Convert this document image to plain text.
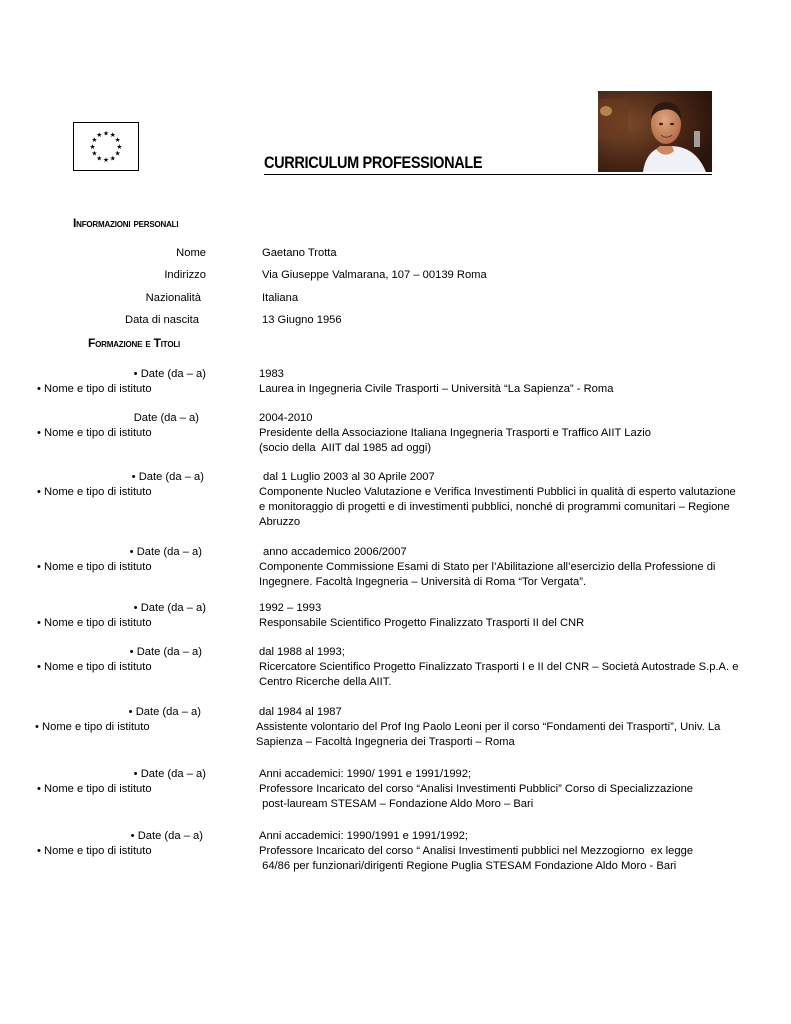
★ ★
★
★
★
★
★
★
★
★
★
★
CURRICULUM PROFESSIONALE
Informazioni personali
Nome	Gaetano Trotta
Indirizzo	Via Giuseppe Valmarana, 107 – 00139 Roma
Nazionalità	Italiana
Data di nascita	13 Giugno 1956
Formazione e Titoli
• Date (da – a)	1983
• Nome e tipo di istituto	Laurea in Ingegneria Civile Trasporti – Università “La Sapienza” - Roma
Date (da – a)	2004-2010
• Nome e tipo di istituto	Presidente della Associazione Italiana Ingegneria Trasporti e Traffico AIIT Lazio
(socio della  AIIT dal 1985 ad oggi)
• Date (da – a)	dal 1 Luglio 2003 al 30 Aprile 2007
• Nome e tipo di istituto	Componente Nucleo Valutazione e Verifica Investimenti Pubblici in qualità di esperto valutazione
e monitoraggio di progetti e di investimenti pubblici, nonché di programmi comunitari – Regione
Abruzzo
• Date (da – a)	anno accademico 2006/2007
• Nome e tipo di istituto	Componente Commissione Esami di Stato per l’Abilitazione all’esercizio della Professione di
Ingegnere. Facoltà Ingegneria – Università di Roma “Tor Vergata”.
• Date (da – a)	1992 – 1993
• Nome e tipo di istituto	Responsabile Scientifico Progetto Finalizzato Trasporti II del CNR
• Date (da – a)	dal 1988 al 1993;
• Nome e tipo di istituto	Ricercatore Scientifico Progetto Finalizzato Trasporti I e II del CNR – Società Autostrade S.p.A. e
Centro Ricerche della AIIT.
• Date (da – a)	dal 1984 al 1987
• Nome e tipo di istituto	Assistente volontario del Prof Ing Paolo Leoni per il corso “Fondamenti dei Trasporti”, Univ. La
Sapienza – Facoltà Ingegneria dei Trasporti – Roma
• Date (da – a)	Anni accademici: 1990/ 1991 e 1991/1992;
• Nome e tipo di istituto	Professore Incaricato del corso “Analisi Investimenti Pubblici” Corso di Specializzazione
post-lauream STESAM – Fondazione Aldo Moro – Bari
• Date (da – a)	Anni accademici: 1990/1991 e 1991/1992;
• Nome e tipo di istituto	Professore Incaricato del corso “ Analisi Investimenti pubblici nel Mezzogiorno  ex legge
64/86 per funzionari/dirigenti Regione Puglia STESAM Fondazione Aldo Moro - Bari
